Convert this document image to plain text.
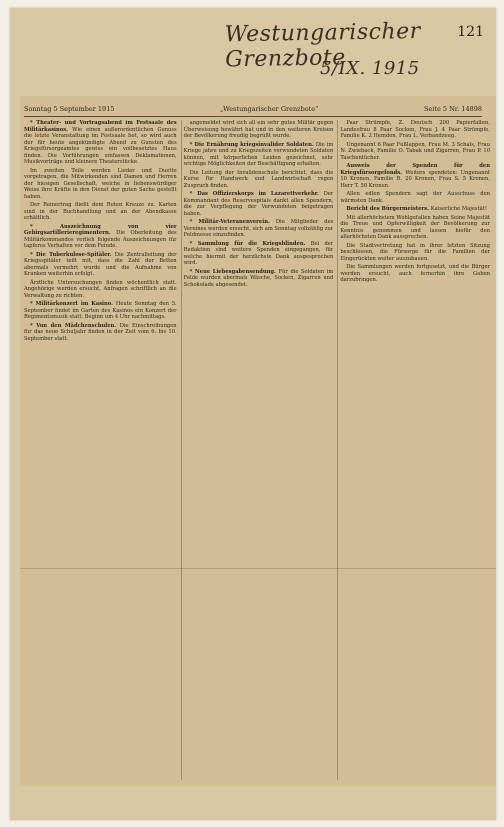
Westungarischer Grenzbote
5/IX. 1915
121
Sonntag 5 September 1915	„Westungarischer Grenzbote“	Seite 5 Nr. 14898

* Theater- und Vortragsabend im Festsaale des Militärkasinos. Wie einen außerordentlichen Genuss die letzte Veranstaltung im Festsaale bot, so wird auch der für heute angekündigte Abend zu Gunsten des Kriegsfürsorgeamtes gewiss ein vollbesetztes Haus finden. Die Vorführungen umfassen Deklamationen, Musikvorträge und kleinere Theaterstücke.

Im zweiten Teile werden Lieder und Duette vorgetragen, die Mitwirkenden sind Damen und Herren der hiesigen Gesellschaft, welche in liebenswürdiger Weise ihre Kräfte in den Dienst der guten Sache gestellt haben.

Der Reinertrag fließt dem Roten Kreuze zu. Karten sind in der Buchhandlung und an der Abendkasse erhältlich.

* Auszeichnung von vier Gebirgsartillerieregimentern. Die Oberleitung des Militärkommandos verlieh folgende Auszeichnungen für tapferes Verhalten vor dem Feinde.

* Die Tuberkulose-Spitäler. Die Zentralleitung der Kriegsspitäler teilt mit, dass die Zahl der Betten abermals vermehrt wurde und die Aufnahme von Kranken weiterhin erfolgt.

Ärztliche Untersuchungen finden wöchentlich statt. Angehörige werden ersucht, Anfragen schriftlich an die Verwaltung zu richten.

* Militärkonzert im Kasino. Heute Sonntag den 5. September findet im Garten des Kasinos ein Konzert der Regimentsmusik statt. Beginn um 4 Uhr nachmittags.

* Von den Mädchenschulen. Die Einschreibungen für das neue Schuljahr finden in der Zeit vom 6. bis 10. September statt.

angemeldet wird sich all ein sehr gutes Militär gegen Überweisung bewährt hat und in den weiteren Kreisen der Bevölkerung freudig begrüßt wurde.

* Die Ernährung kriegsinvalider Soldaten. Die im Kriege jahre und zu Kriegszeiten verwundeten Soldaten können, mit körperlichen Leiden gezeichnet, sehr wichtige Möglichkeiten der Beschäftigung erhalten.

Die Leitung der Invalidenschule berichtet, dass die Kurse für Handwerk und Landwirtschaft regen Zuspruch finden.

* Das Offizierskorps im Lazarettverkehr. Der Kommandant des Reservespitals dankt allen Spendern, die zur Verpflegung der Verwundeten beigetragen haben.

* Militär-Veteranenverein. Die Mitglieder des Vereines werden ersucht, sich am Sonntag vollzählig zur Feldmesse einzufinden.

* Sammlung für die Kriegsblinden. Bei der Redaktion sind weitere Spenden eingegangen, für welche hiermit der herzlichste Dank ausgesprochen wird.

* Neue Liebesgabensendung. Für die Soldaten im Felde wurden abermals Wäsche, Socken, Zigarren und Schokolade abgesendet.

Paar Strümpfe, Z. Deutsch 200 Papierfalten, Landesfrau 8 Paar Socken, Frau J. 4 Paar Strümpfe, Familie K. 2 Hemden, Frau L. Verbandzeug.

Ungenannt 6 Paar Fußlappen, Frau M. 3 Schals, Frau N. Zwieback, Familie O. Tabak und Zigarren, Frau P. 10 Taschentücher.

Ausweis der Spenden für den Kriegsfürsorgefonds. Weiters spendeten: Ungenannt 10 Kronen, Familie R. 20 Kronen, Frau S. 5 Kronen, Herr T. 50 Kronen.

Allen edlen Spendern sagt der Ausschuss den wärmsten Dank.

Bericht des Bürgermeisters. Kaiserliche Majestät!

Mit allerhöchstem Wohlgefallen haben Seine Majestät die Treue und Opferwilligkeit der Bevölkerung zur Kenntnis genommen und lassen hiefür den allerhöchsten Dank aussprechen.

Die Stadtvertretung hat in ihrer letzten Sitzung beschlossen, die Fürsorge für die Familien der Eingerückten weiter auszubauen.

Die Sammlungen werden fortgesetzt, und die Bürger werden ersucht, auch fernerhin ihre Gaben darzubringen.
